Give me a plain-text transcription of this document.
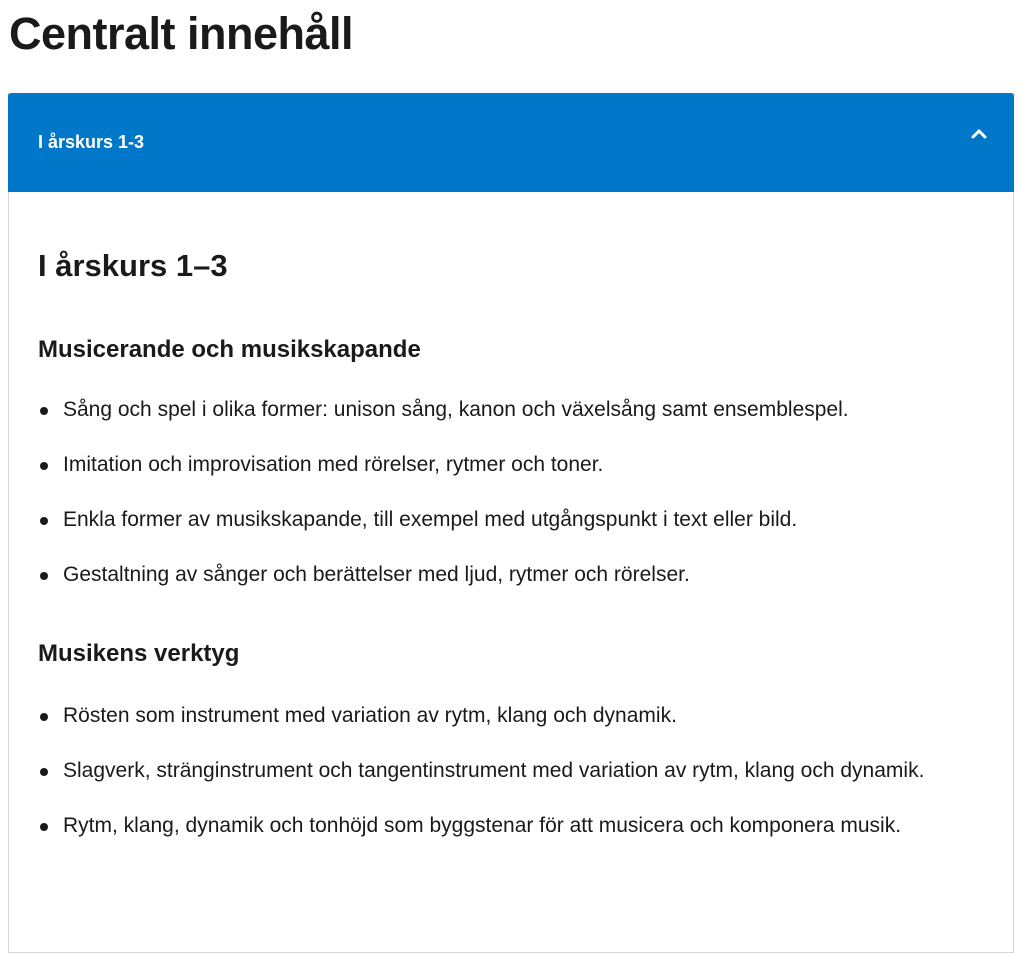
Centralt innehåll
I årskurs 1-3
I årskurs 1–3
Musicerande och musikskapande
Sång och spel i olika former: unison sång, kanon och växelsång samt ensemblespel.
Imitation och improvisation med rörelser, rytmer och toner.
Enkla former av musikskapande, till exempel med utgångspunkt i text eller bild.
Gestaltning av sånger och berättelser med ljud, rytmer och rörelser.
Musikens verktyg
Rösten som instrument med variation av rytm, klang och dynamik.
Slagverk, stränginstrument och tangentinstrument med variation av rytm, klang och dynamik.
Rytm, klang, dynamik och tonhöjd som byggstenar för att musicera och komponera musik.
